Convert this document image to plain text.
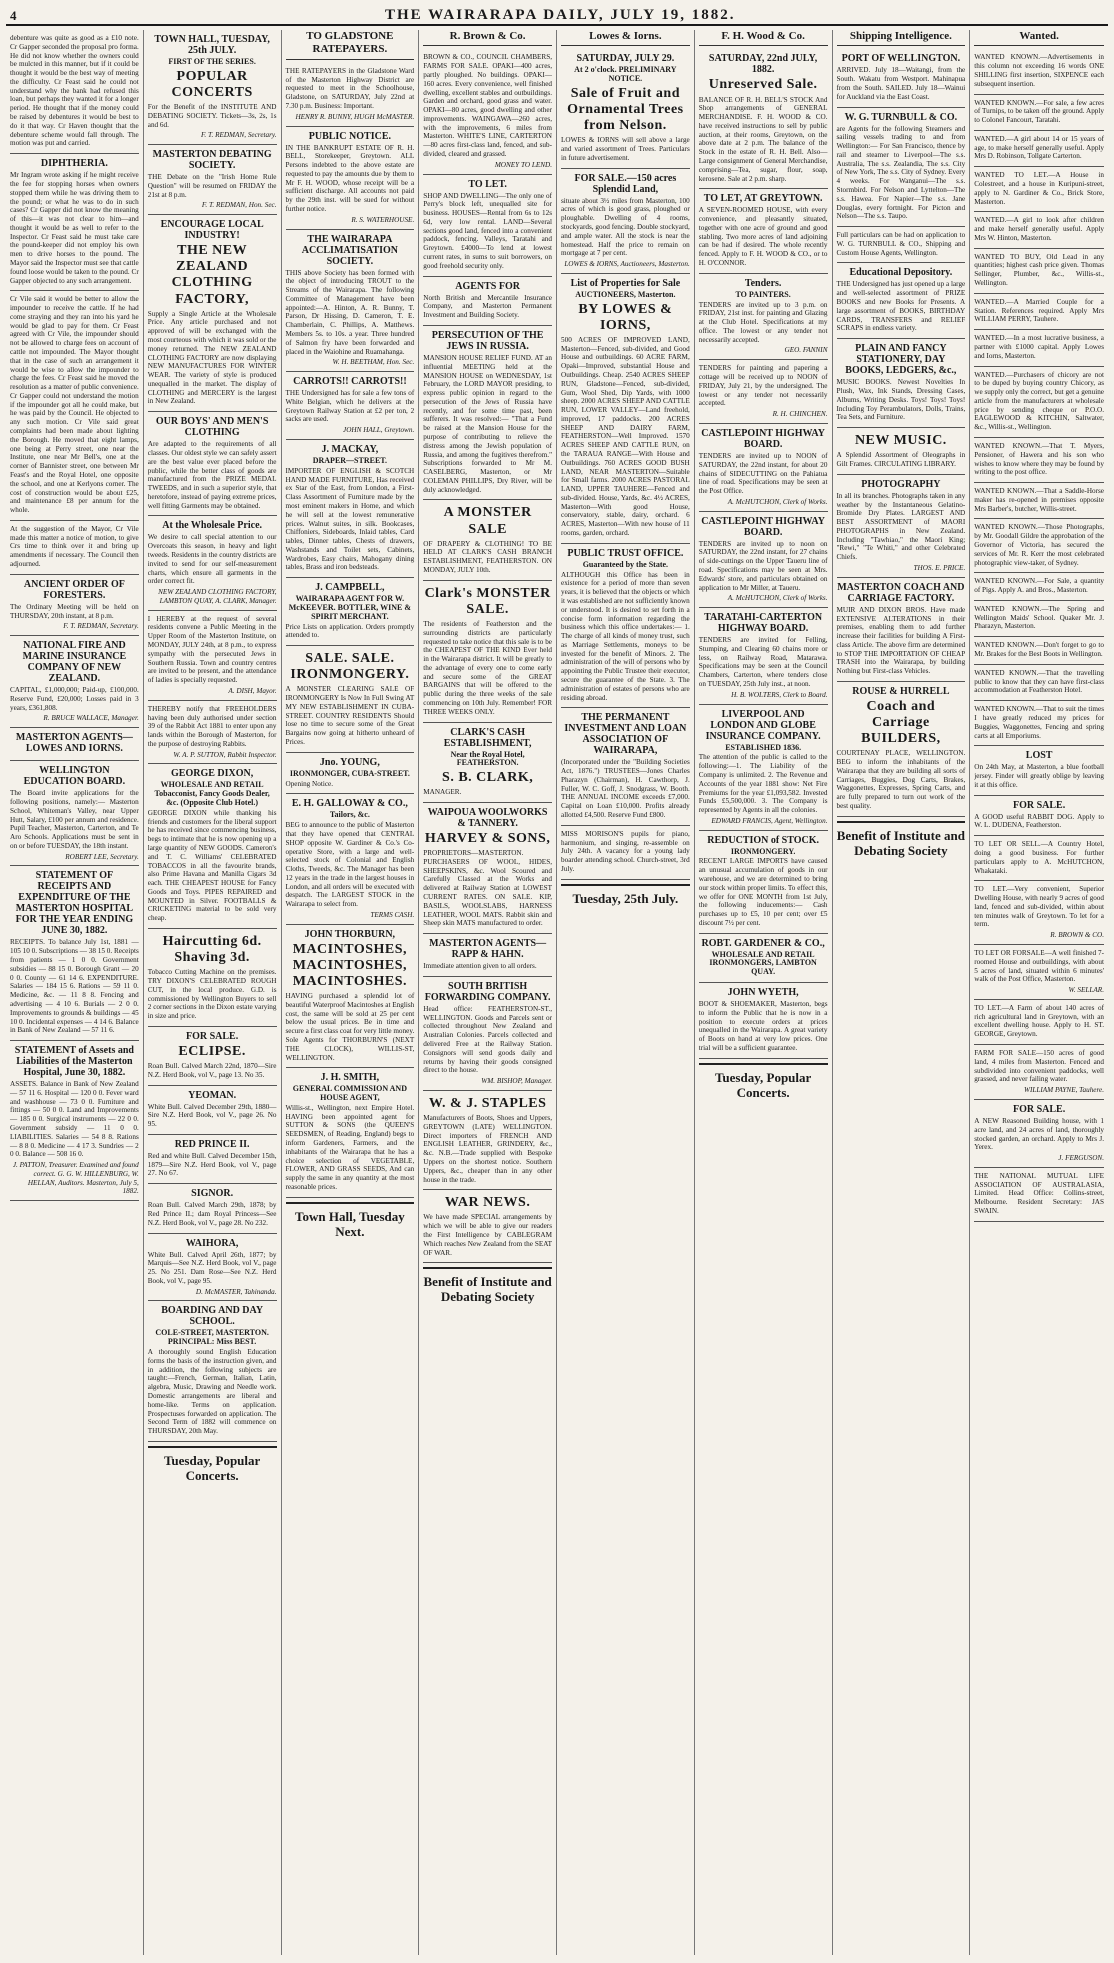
4	THE WAIRARAPA DAILY, JULY 19, 1882.

debenture was quite as good as a £10 note. Cr Gapper seconded the proposal pro forma. He did not know whether the owners could be mulcted in this manner, but if it could be thought it would be the best way of meeting the difficulty. Cr Feast said he could not understand why the bank had refused this loan, but perhaps they wanted it for a longer period. He thought that if the money could be raised by debentures it would be best to do it that way. Cr Haven thought that the debenture scheme would fall through. The motion was put and carried.

DIPHTHERIA.

Mr Ingram wrote asking if he might receive the fee for stopping horses when owners stopped them while he was driving them to the pound; or what he was to do in such cases? Cr Gapper did not know the meaning of this—it was not clear to him—and thought it would be as well to refer to the Inspector. Cr Feast said he must take care the pound-keeper did not employ his own men to drive horses to the pound. The Mayor said the Inspector must see that cattle found loose would be taken to the pound. Cr Gapper objected to any such arrangement.

Cr Vile said it would be better to allow the impounder to receive the cattle. If he had come straying and they ran into his yard he would be glad to pay for them. Cr Feast agreed with Cr Vile, the impounder should not be allowed to charge fees on account of cattle not impounded. The Mayor thought that in the case of such an arrangement it would be wise to allow the impounder to charge the fees. Cr Feast said he moved the resolution as a matter of public convenience. Cr Gapper could not understand the motion if the impounder got all he could make, but he was paid by the Council. He objected to any such motion. Cr Vile said great complaints had been made about lighting the Borough. He moved that eight lamps, one being at Perry street, one near the Institute, one near Mr Bell's, one at the corner of Bannister street, one between Mr Feast's and the Royal Hotel, one opposite the school, and one at Kerlyons corner. The cost of construction would be about £25, and maintenance £8 per annum for the whole.

At the suggestion of the Mayor, Cr Vile made this matter a notice of motion, to give Crs time to think over it and bring up amendments if necessary. The Council then adjourned.

ANCIENT ORDER OF FORESTERS.

The Ordinary Meeting will be held on THURSDAY, 20th instant, at 8 p.m.

F. T. REDMAN, Secretary.
NATIONAL FIRE AND MARINE INSURANCE COMPANY OF NEW ZEALAND.

CAPITAL, £1,000,000; Paid-up, £100,000. Reserve Fund, £20,000; Losses paid in 3 years, £361,808.

R. BRUCE WALLACE, Manager.
MASTERTON AGENTS—LOWES AND IORNS.
WELLINGTON EDUCATION BOARD.

The Board invite applications for the following positions, namely:— Masterton School, Whiteman's Valley, near Upper Hutt, Salary, £100 per annum and residence. Pupil Teacher, Masterton, Carterton, and Te Aro Schools. Applications must be sent in on or before TUESDAY, the 18th instant.

ROBERT LEE, Secretary.
STATEMENT OF RECEIPTS AND EXPENDITURE OF THE MASTERTON HOSPITAL FOR THE YEAR ENDING JUNE 30, 1882.

RECEIPTS. To balance July 1st, 1881 — 105 10 0. Subscriptions — 38 15 0. Receipts from patients — 1 0 0. Government subsidies — 88 15 0. Borough Grant — 20 0 0. County — 61 14 6. EXPENDITURE. Salaries — 184 15 6. Rations — 59 11 0. Medicine, &c. — 11 8 8. Fencing and advertising — 4 10 6. Burials — 2 0 0. Improvements to grounds & buildings — 45 10 0. Incidental expenses — 4 14 6. Balance in Bank of New Zealand — 57 11 6.

STATEMENT of Assets and Liabilities of the Masterton Hospital, June 30, 1882.

ASSETS. Balance in Bank of New Zealand — 57 11 6. Hospital — 120 0 0. Fever ward and washhouse — 73 0 0. Furniture and fittings — 50 0 0. Land and Improvements — 185 0 0. Surgical instruments — 22 0 0. Government subsidy — 11 0 0. LIABILITIES. Salaries — 54 8 8. Rations — 8 8 0. Medicine — 4 17 3. Sundries — 2 0 0. Balance — 508 16 0.

J. PATTON, Treasurer. Examined and found correct. G. G. W. HILLENBURG, W. HELLAN, Auditors. Masterton, July 5, 1882.
TOWN HALL, TUESDAY, 25th JULY.
FIRST OF THE SERIES.
POPULAR CONCERTS

For the Benefit of the INSTITUTE AND DEBATING SOCIETY. Tickets—3s, 2s, 1s and 6d.

F. T. REDMAN, Secretary.
MASTERTON DEBATING SOCIETY.

THE Debate on the "Irish Home Rule Question" will be resumed on FRIDAY the 21st at 8 p.m.

F. T. REDMAN, Hon. Sec.
ENCOURAGE LOCAL INDUSTRY!
THE NEW ZEALAND CLOTHING FACTORY,

Supply a Single Article at the Wholesale Price. Any article purchased and not approved of will be exchanged with the most courteous with which it was sold or the money returned. The NEW ZEALAND CLOTHING FACTORY are now displaying NEW MANUFACTURES FOR WINTER WEAR. The variety of style is produced unequalled in the market. The display of CLOTHING and MERCERY is the largest in New Zealand.

OUR BOYS' AND MEN'S CLOTHING

Are adapted to the requirements of all classes. Our oldest style we can safely assert are the best value ever placed before the public, while the better class of goods are manufactured from the PRIZE MEDAL TWEEDS, and in such a superior style, that heretofore, instead of paying extreme prices, well fitting Garments may be obtained.

At the Wholesale Price.

We desire to call special attention to our Overcoats this season, in heavy and light tweeds. Residents in the country districts are invited to send for our self-measurement charts, which ensure all garments in the order correct fit.

NEW ZEALAND CLOTHING FACTORY, LAMBTON QUAY, A. CLARK, Manager.

I HEREBY at the request of several residents convene a Public Meeting in the Upper Room of the Masterton Institute, on MONDAY, JULY 24th, at 8 p.m., to express sympathy with the persecuted Jews in Southern Russia. Town and country centres are invited to be present, and the attendance of ladies is specially requested.

A. DISH, Mayor.

THEREBY notify that FREEHOLDERS having been duly authorised under section 39 of the Rabbit Act 1881 to enter upon any lands within the Borough of Masterton, for the purpose of destroying Rabbits.

W. A. P. SUTTON, Rabbit Inspector.
GEORGE DIXON,
WHOLESALE AND RETAIL Tobacconist, Fancy Goods Dealer, &c. (Opposite Club Hotel.)

GEORGE DIXON while thanking his friends and customers for the liberal support he has received since commencing business, begs to intimate that he is now opening up a large quantity of NEW GOODS. Cameron's and T. C. Williams' CELEBRATED TOBACCOS in all the favourite brands, also Prime Havana and Manilla Cigars 3d each. THE CHEAPEST HOUSE for Fancy Goods and Toys. PIPES REPAIRED and MOUNTED in Silver. FOOTBALLS & CRICKETING material to be sold very cheap.

Haircutting 6d. Shaving 3d.

Tobacco Cutting Machine on the premises. TRY DIXON'S CELEBRATED ROUGH CUT, in the local produce. G.D. is commissioned by Wellington Buyers to sell 2 corner sections in the Dixon estate varying in size and price.

FOR SALE.
ECLIPSE.

Roan Bull. Calved March 22nd, 1870—Sire N.Z. Herd Book, vol V., page 13. No 35.

YEOMAN.

White Bull. Calved December 29th, 1880—Sire N.Z. Herd Book, vol V., page 26. No 95.

RED PRINCE II.

Red and white Bull. Calved December 15th, 1879—Sire N.Z. Herd Book, vol V., page 27. No 67.

SIGNOR.

Roan Bull. Calved March 29th, 1878; by Red Prince II.; dam Royal Princess—See N.Z. Herd Book, vol V., page 28. No 232.

WAIHORA,

White Bull. Calved April 26th, 1877; by Marquis—See N.Z. Herd Book, vol V., page 25. No 251. Dam Rose—See N.Z. Herd Book, vol V., page 95.

D. McMASTER, Tahinanda.
BOARDING AND DAY SCHOOL.
COLE-STREET, MASTERTON. PRINCIPAL: Miss BEST.

A thoroughly sound English Education forms the basis of the instruction given, and in addition, the following subjects are taught:—French, German, Italian, Latin, algebra, Music, Drawing and Needle work. Domestic arrangements are liberal and home-like. Terms on application. Prospectuses forwarded on application. The Second Term of 1882 will commence on THURSDAY, 20th May.

Tuesday, Popular Concerts.
TO GLADSTONE RATEPAYERS.

THE RATEPAYERS in the Gladstone Ward of the Masterton Highway District are requested to meet in the Schoolhouse, Gladstone, on SATURDAY, July 22nd at 7.30 p.m. Business: Important.

HENRY R. BUNNY, HUGH McMASTER.
PUBLIC NOTICE.

IN THE BANKRUPT ESTATE OF R. H. BELL, Storekeeper, Greytown. ALL Persons indebted to the above estate are requested to pay the amounts due by them to Mr F. H. WOOD, whose receipt will be a sufficient discharge. All accounts not paid by the 29th inst. will be sued for without further notice.

R. S. WATERHOUSE.
THE WAIRARAPA ACCLIMATISATION SOCIETY.

THIS above Society has been formed with the object of introducing TROUT to the Streams of the Wairarapa. The following Committee of Management have been appointed:—A. Hinton, A. R. Bunny, T. Parson, Dr Hissing, D. Cameron, T. E. Chamberlain, C. Phillips, A. Matthews. Members 5s. to 10s. a year. Three hundred of Salmon fry have been forwarded and placed in the Waiohine and Ruamahanga.

W. H. BEETHAM, Hon. Sec.
CARROTS!! CARROTS!!

THE Undersigned has for sale a few tons of White Belgian, which he delivers at the Greytown Railway Station at £2 per ton, 2 sacks are used.

JOHN HALL, Greytown.
J. MACKAY,
DRAPER—STREET.

IMPORTER OF ENGLISH & SCOTCH HAND MADE FURNITURE, Has received ex Star of the East, from London, a First-Class Assortment of Furniture made by the most eminent makers in Home, and which he will sell at the lowest remunerative prices. Walnut suites, in silk. Bookcases, Chiffoniers, Sideboards, Inlaid tables, Card tables, Dinner tables, Chests of drawers, Washstands and Toilet sets, Cabinets, Wardrobes, Easy chairs, Mahogany dining tables, Brass and iron bedsteads.

J. CAMPBELL,
WAIRARAPA AGENT FOR W. McKEEVER. BOTTLER, WINE & SPIRIT MERCHANT.

Price Lists on application. Orders promptly attended to.

SALE. SALE. IRONMONGERY.

A MONSTER CLEARING SALE OF IRONMONGERY Is Now In Full Swing AT MY NEW ESTABLISHMENT IN CUBA-STREET. COUNTRY RESIDENTS Should lose no time to secure some of the Great Bargains now going at hitherto unheard of Prices.

Jno. YOUNG,
IRONMONGER, CUBA-STREET.

Opening Notice.

E. H. GALLOWAY & CO.,
Tailors, &c.

BEG to announce to the public of Masterton that they have opened that CENTRAL SHOP opposite W. Gardiner & Co.'s Co-operative Store, with a large and well-selected stock of Colonial and English Cloths, Tweeds, &c. The Manager has been 12 years in the trade in the largest houses in London, and all orders will be executed with despatch. The LARGEST STOCK in the Wairarapa to select from.

TERMS CASH.
JOHN THORBURN,
MACINTOSHES, MACINTOSHES, MACINTOSHES.

HAVING purchased a splendid lot of beautiful Waterproof Macintoshes at English cost, the same will be sold at 25 per cent below the usual prices. Be in time and secure a first class coat for very little money. Sole Agents for THORBURN'S (NEXT THE CLOCK), WILLIS-ST, WELLINGTON.

J. H. SMITH,
GENERAL COMMISSION AND HOUSE AGENT,

Willis-st., Wellington, next Empire Hotel. HAVING been appointed agent for SUTTON & SONS (the QUEEN'S SEEDSMEN, of Reading, England) begs to inform Gardeners, Farmers, and the inhabitants of the Wairarapa that he has a choice selection of VEGETABLE, FLOWER, AND GRASS SEEDS, And can supply the same in any quantity at the most reasonable prices.

Town Hall, Tuesday Next.
R. Brown & Co.

BROWN & CO., COUNCIL CHAMBERS, FARMS FOR SALE. OPAKI—400 acres, partly ploughed. No buildings. OPAKI—160 acres. Every convenience, well finished dwelling, excellent stables and outbuildings. Garden and orchard, good grass and water. OPAKI—80 acres, good dwelling and other improvements. WAINGAWA—260 acres, with the improvements, 6 miles from Masterton. WHITE'S LINE, CARTERTON—80 acres first-class land, fenced, and sub-divided, cleared and grassed.

MONEY TO LEND.
TO LET.

SHOP AND DWELLING—The only one of Perry's block left, unequalled site for business. HOUSES—Rental from 6s to 12s 6d, very low rental. LAND—Several sections good land, fenced into a convenient paddock, fencing. Valleys, Taratahi and Greytown. £4000—To lend at lowest current rates, in sums to suit borrowers, on good freehold security only.

AGENTS FOR

North British and Mercantile Insurance Company, and Masterton Permanent Investment and Building Society.

PERSECUTION OF THE JEWS IN RUSSIA.

MANSION HOUSE RELIEF FUND. AT an influential MEETING held at the MANSION HOUSE on WEDNESDAY, 1st February, the LORD MAYOR presiding, to express public opinion in regard to the persecution of the Jews of Russia have recently, and for some time past, been sufferers. It was resolved:— "That a Fund be raised at the Mansion House for the purpose of contributing to relieve the distress among the Jewish population of Russia, and among the fugitives therefrom." Subscriptions forwarded to Mr M. CASELBERG, Masterton, or Mr COLEMAN PHILLIPS, Dry River, will be duly acknowledged.

A MONSTER SALE

OF DRAPERY & CLOTHING! TO BE HELD AT CLARK'S CASH BRANCH ESTABLISHMENT, FEATHERSTON. ON MONDAY, JULY 10th.

Clark's MONSTER SALE.

The residents of Featherston and the surrounding districts are particularly requested to take notice that this sale is to be the CHEAPEST OF THE KIND Ever held in the Wairarapa district. It will be greatly to the advantage of every one to come early and secure some of the GREAT BARGAINS that will be offered to the public during the three weeks of the sale commencing on 10th July. Remember! FOR THREE WEEKS ONLY.

CLARK'S CASH ESTABLISHMENT,
Near the Royal Hotel, FEATHERSTON.
S. B. CLARK,

MANAGER.

WAIPOUA WOOLWORKS & TANNERY.
HARVEY & SONS,

PROPRIETORS—MASTERTON. PURCHASERS OF WOOL, HIDES, SHEEPSKINS, &c. Wool Scoured and Carefully Classed at the Works and delivered at Railway Station at LOWEST CURRENT RATES. ON SALE. KIP, BASILS, WOOLSLABS, HARNESS LEATHER, WOOL MATS. Rabbit skin and Sheep skin MATS manufactured to order.

MASTERTON AGENTS—RAPP & HAHN.

Immediate attention given to all orders.

SOUTH BRITISH FORWARDING COMPANY.

Head office: FEATHERSTON-ST., WELLINGTON. Goods and Parcels sent or collected throughout New Zealand and Australian Colonies. Parcels collected and delivered Free at the Railway Station. Consignors will send goods daily and returns by having their goods consigned direct to the house.

WM. BISHOP, Manager.
W. & J. STAPLES

Manufacturers of Boots, Shoes and Uppers, GREYTOWN (LATE) WELLINGTON. Direct importers of FRENCH AND ENGLISH LEATHER, GRINDERY, &c., &c. N.B.—Trade supplied with Bespoke Uppers on the shortest notice. Southern Uppers, &c., cheaper than in any other house in the trade.

WAR NEWS.

We have made SPECIAL arrangements by which we will be able to give our readers the First Intelligence by CABLEGRAM Which reaches New Zealand from the SEAT OF WAR.

Benefit of Institute and Debating Society
Lowes & Iorns.
SATURDAY, JULY 29.
At 2 o'clock. PRELIMINARY NOTICE.
Sale of Fruit and Ornamental Trees from Nelson.

LOWES & IORNS will sell above a large and varied assortment of Trees. Particulars in future advertisement.

FOR SALE.—150 acres Splendid Land,

situate about 3½ miles from Masterton, 100 acres of which is good grass, ploughed or ploughable. Dwelling of 4 rooms, stockyards, good fencing. Double stockyard, and ample water. All the stock is near the homestead. Half the price to remain on mortgage at 7 per cent.

LOWES & IORNS, Auctioneers, Masterton.
List of Properties for Sale
AUCTIONEERS, Masterton.
BY LOWES & IORNS,

500 ACRES OF IMPROVED LAND, Masterton—Fenced, sub-divided, and Good House and outbuildings. 60 ACRE FARM, Opaki—Improved, substantial House and Outbuildings. Cheap. 2540 ACRES SHEEP RUN, Gladstone—Fenced, sub-divided, Gum, Wool Shed, Dip Yards, with 1000 sheep. 2000 ACRES SHEEP AND CATTLE RUN, LOWER VALLEY—Land freehold, improved, 17 paddocks. 200 ACRES SHEEP AND DAIRY FARM, FEATHERSTON—Well Improved. 1570 ACRES SHEEP AND CATTLE RUN, on the TARAUA RANGE—With House and Outbuildings. 760 ACRES GOOD BUSH LAND, NEAR MASTERTON—Suitable for Small farms. 2000 ACRES PASTORAL LAND, UPPER TAUHERE—Fenced and sub-divided. House, Yards, &c. 4½ ACRES, Masterton—With good House, conservatory, stable, dairy, orchard. 6 ACRES, Masterton—With new house of 11 rooms, garden, orchard.

PUBLIC TRUST OFFICE.
Guaranteed by the State.

ALTHOUGH this Office has been in existence for a period of more than seven years, it is believed that the objects or which it was established are not sufficiently known or understood. It is desired to set forth in a concise form information regarding the business which this office undertakes:— 1. The charge of all kinds of money trust, such as Marriage Settlements, moneys to be invested for the benefit of Minors. 2. The administration of the will of persons who by appointing the Public Trustee their executor, secure the guarantee of the State. 3. The administration of estates of persons who are residing abroad.

THE PERMANENT INVESTMENT AND LOAN ASSOCIATION OF WAIRARAPA,

(Incorporated under the "Building Societies Act, 1876.") TRUSTEES—Jones Charles Pharazyn (Chairman), H. Cawthorp, J. Fuller, W. C. Goff, J. Snodgrass, W. Booth. THE ANNUAL INCOME exceeds £7,000. Capital on Loan £10,000. Profits already allotted £4,500. Reserve Fund £800.

MISS MORISON'S pupils for piano, harmonium, and singing, re-assemble on July 24th. A vacancy for a young lady boarder attending school. Church-street, 3rd July.

Tuesday, 25th July.
F. H. Wood & Co.
SATURDAY, 22nd JULY, 1882.
Unreserved Sale.

BALANCE OF R. H. BELL'S STOCK And Shop arrangements of GENERAL MERCHANDISE. F. H. WOOD & CO. have received instructions to sell by public auction, at their rooms, Greytown, on the above date at 2 p.m. The balance of the Stock in the estate of R. H. Bell. Also—Large consignment of General Merchandise, comprising—Tea, sugar, flour, soap, kerosene. Sale at 2 p.m. sharp.

TO LET, AT GREYTOWN.

A SEVEN-ROOMED HOUSE, with every convenience, and pleasantly situated, together with one acre of ground and good stabling. Two more acres of land adjoining can be had if desired. The whole recently fenced. Apply to F. H. WOOD & CO., or to H. O'CONNOR.

Tenders.
TO PAINTERS.

TENDERS are invited up to 3 p.m. on FRIDAY, 21st inst. for painting and Glazing at the Club Hotel. Specifications at my office. The lowest or any tender not necessarily accepted.

GEO. FANNIN

TENDERS for painting and papering a cottage will be received up to NOON of FRIDAY, July 21, by the undersigned. The lowest or any tender not necessarily accepted.

R. H. CHINCHEN.
CASTLEPOINT HIGHWAY BOARD.

TENDERS are invited up to NOON of SATURDAY, the 22nd instant, for about 20 chains of SIDECUTTING on the Pahiatua line of road. Specifications may be seen at the Post Office.

A. McHUTCHON, Clerk of Works.
CASTLEPOINT HIGHWAY BOARD.

TENDERS are invited up to noon on SATURDAY, the 22nd instant, for 27 chains of side-cuttings on the Upper Taueru line of road. Specifications may be seen at Mrs. Edwards' store, and particulars obtained on application to Mr Miller, at Taueru.

A. McHUTCHON, Clerk of Works.
TARATAHI-CARTERTON HIGHWAY BOARD.

TENDERS are invited for Felling, Stumping, and Clearing 60 chains more or less, on Railway Road, Matarawa. Specifications may be seen at the Council Chambers, Carterton, where tenders close on TUESDAY, 25th July inst., at noon.

H. B. WOLTERS, Clerk to Board.
LIVERPOOL AND LONDON AND GLOBE INSURANCE COMPANY.
ESTABLISHED 1836.

The attention of the public is called to the following:—1. The Liability of the Company is unlimited. 2. The Revenue and Accounts of the year 1881 show: Net Fire Premiums for the year £1,093,582. Invested Funds £5,500,000. 3. The Company is represented by Agents in all the colonies.

EDWARD FRANCIS, Agent, Wellington.
REDUCTION of STOCK.
IRONMONGERY.

RECENT LARGE IMPORTS have caused an unusual accumulation of goods in our warehouse, and we are determined to bring our stock within proper limits. To effect this, we offer for ONE MONTH from 1st July, the following inducements:— Cash purchases up to £5, 10 per cent; over £5 discount 7½ per cent.

ROBT. GARDENER & CO.,
WHOLESALE AND RETAIL IRONMONGERS, LAMBTON QUAY.
JOHN WYETH,

BOOT & SHOEMAKER, Masterton, begs to inform the Public that he is now in a position to execute orders at prices unequalled in the Wairarapa. A great variety of Boots on hand at very low prices. One trial will be a sufficient guarantee.

Tuesday, Popular Concerts.
Shipping Intelligence.
PORT OF WELLINGTON.

ARRIVED. July 18—Waitangi, from the South. Wakatu from Westport. Mahinapua from the South. SAILED. July 18—Wainui for Auckland via the East Coast.

W. G. TURNBULL & CO.

are Agents for the following Steamers and sailing vessels trading to and from Wellington:— For San Francisco, thence by rail and steamer to Liverpool—The s.s. Australia, The s.s. Zealandia, The s.s. City of New York, The s.s. City of Sydney. Every 4 weeks. For Wanganui—The s.s. Stormbird. For Nelson and Lyttelton—The s.s. Hawea. For Napier—The s.s. Jane Douglas, every fortnight. For Picton and Nelson—The s.s. Taupo.

Full particulars can be had on application to W. G. TURNBULL & CO., Shipping and Custom House Agents, Wellington.

Educational Depository.

THE Undersigned has just opened up a large and well-selected assortment of PRIZE BOOKS and new Books for Presents. A large assortment of BOOKS, BIRTHDAY CARDS, TRANSFERS and RELIEF SCRAPS in endless variety.

PLAIN AND FANCY STATIONERY, DAY BOOKS, LEDGERS, &c.,

MUSIC BOOKS. Newest Novelties In Plush, Wax, Ink Stands, Dressing Cases, Albums, Writing Desks. Toys! Toys! Toys! Including Toy Perambulators, Dolls, Trains, Tea Sets, and Furniture.

NEW MUSIC.

A Splendid Assortment of Oleographs in Gilt Frames. CIRCULATING LIBRARY.

PHOTOGRAPHY

In all its branches. Photographs taken in any weather by the Instantaneous Gelatino-Bromide Dry Plates. LARGEST AND BEST ASSORTMENT of MAORI PHOTOGRAPHS in New Zealand. Including "Tawhiao," the Maori King; "Rewi," "Te Whiti," and other Celebrated Chiefs.

THOS. E. PRICE.
MASTERTON COACH AND CARRIAGE FACTORY.

MUIR AND DIXON BROS. Have made EXTENSIVE ALTERATIONS in their premises, enabling them to add further increase their facilities for building A First-class Article. The above firm are determined to STOP THE IMPORTATION OF CHEAP TRASH into the Wairarapa, by building Nothing but First-class Vehicles.

ROUSE & HURRELL
Coach and Carriage BUILDERS,

COURTENAY PLACE, WELLINGTON. BEG to inform the inhabitants of the Wairarapa that they are building all sorts of Carriages, Buggies, Dog Carts, Brakes, Waggonettes, Expresses, Spring Carts, and are fully prepared to turn out work of the best quality.

Benefit of Institute and Debating Society
Wanted.

WANTED KNOWN.—Advertisements in this column not exceeding 16 words ONE SHILLING first insertion, SIXPENCE each subsequent insertion.

WANTED KNOWN.—For sale, a few acres of Turnips, to be taken off the ground. Apply to Colonel Fancourt, Taratahi.

WANTED.—A girl about 14 or 15 years of age, to make herself generally useful. Apply Mrs D. Robinson, Tollgate Carterton.

WANTED TO LET.—A House in Colestreet, and a house in Kuripuni-street, apply to N. Gardiner & Co., Brick Store, Masterton.

WANTED.—A girl to look after children and make herself generally useful. Apply Mrs W. Hinton, Masterton.

WANTED TO BUY, Old Lead in any quantities; highest cash price given. Thomas Sellinger, Plumber, &c., Willis-st., Wellington.

WANTED.—A Married Couple for a Station. References required. Apply Mrs WILLIAM PERRY, Tauhere.

WANTED.—In a most lucrative business, a partner with £1000 capital. Apply Lowes and Iorns, Masterton.

WANTED.—Purchasers of chicory are not to be duped by buying country Chicory, as we supply only the correct, but get a genuine article from the manufacturers at wholesale price by sending cheque or P.O.O. EAGLEWOOD & KITCHIN, Saltwater, &c., Willis-st., Wellington.

WANTED KNOWN.—That T. Myers, Pensioner, of Hawera and his son who wishes to know where they may be found by writing to the post office.

WANTED KNOWN.—That a Saddle-Horse maker has re-opened in premises opposite Mrs Barber's, butcher, Willis-street.

WANTED KNOWN.—Those Photographs, by Mr. Goodall Gildre the approbation of the Governor of Victoria, has secured the services of Mr. R. Kerr the most celebrated photographic view-taker, of Sydney.

WANTED KNOWN.—For Sale, a quantity of Pigs. Apply A. and Bros., Masterton.

WANTED KNOWN.—The Spring and Wellington Maids' School. Quaker Mr. J. Pharazyn, Masterton.

WANTED KNOWN.—Don't forget to go to Mr. Brakes for the Best Boots in Wellington.

WANTED KNOWN.—That the travelling public to know that they can have first-class accommodation at Featherston Hotel.

WANTED KNOWN.—That to suit the times I have greatly reduced my prices for Buggies, Waggonettes, Fencing and spring carts at all Emporiums.

LOST

On 24th May, at Masterton, a blue football jersey. Finder will greatly oblige by leaving it at this office.

FOR SALE.

A GOOD useful RABBIT DOG. Apply to W. L. DUDENA, Featherston.

TO LET OR SELL.—A Country Hotel, doing a good business. For further particulars apply to A. McHUTCHON, Whakataki.

TO LET.—Very convenient, Superior Dwelling House, with nearly 9 acres of good land, fenced and sub-divided, within about ten minutes walk of Greytown. To let for a term.

R. BROWN & CO.

TO LET OR FORSALE—A well finished 7-roomed House and outbuildings, with about 5 acres of land, situated within 6 minutes' walk of the Post Office, Masterton.

W. SELLAR.

TO LET.—A Farm of about 140 acres of rich agricultural land in Greytown, with an excellent dwelling house. Apply to H. ST. GEORGE, Greytown.

FARM FOR SALE—150 acres of good land, 4 miles from Masterton. Fenced and subdivided into convenient paddocks, well grassed, and never failing water.

WILLIAM PAYNE, Tauhere.
FOR SALE.

A NEW Reasoned Building house, with 1 acre land, and 24 acres of land, thoroughly stocked garden, an orchard. Apply to Mrs J. Yerex.

J. FERGUSON.

THE NATIONAL MUTUAL LIFE ASSOCIATION OF AUSTRALASIA, Limited. Head Office: Collins-street, Melbourne. Resident Secretary: JAS SWAIN.
